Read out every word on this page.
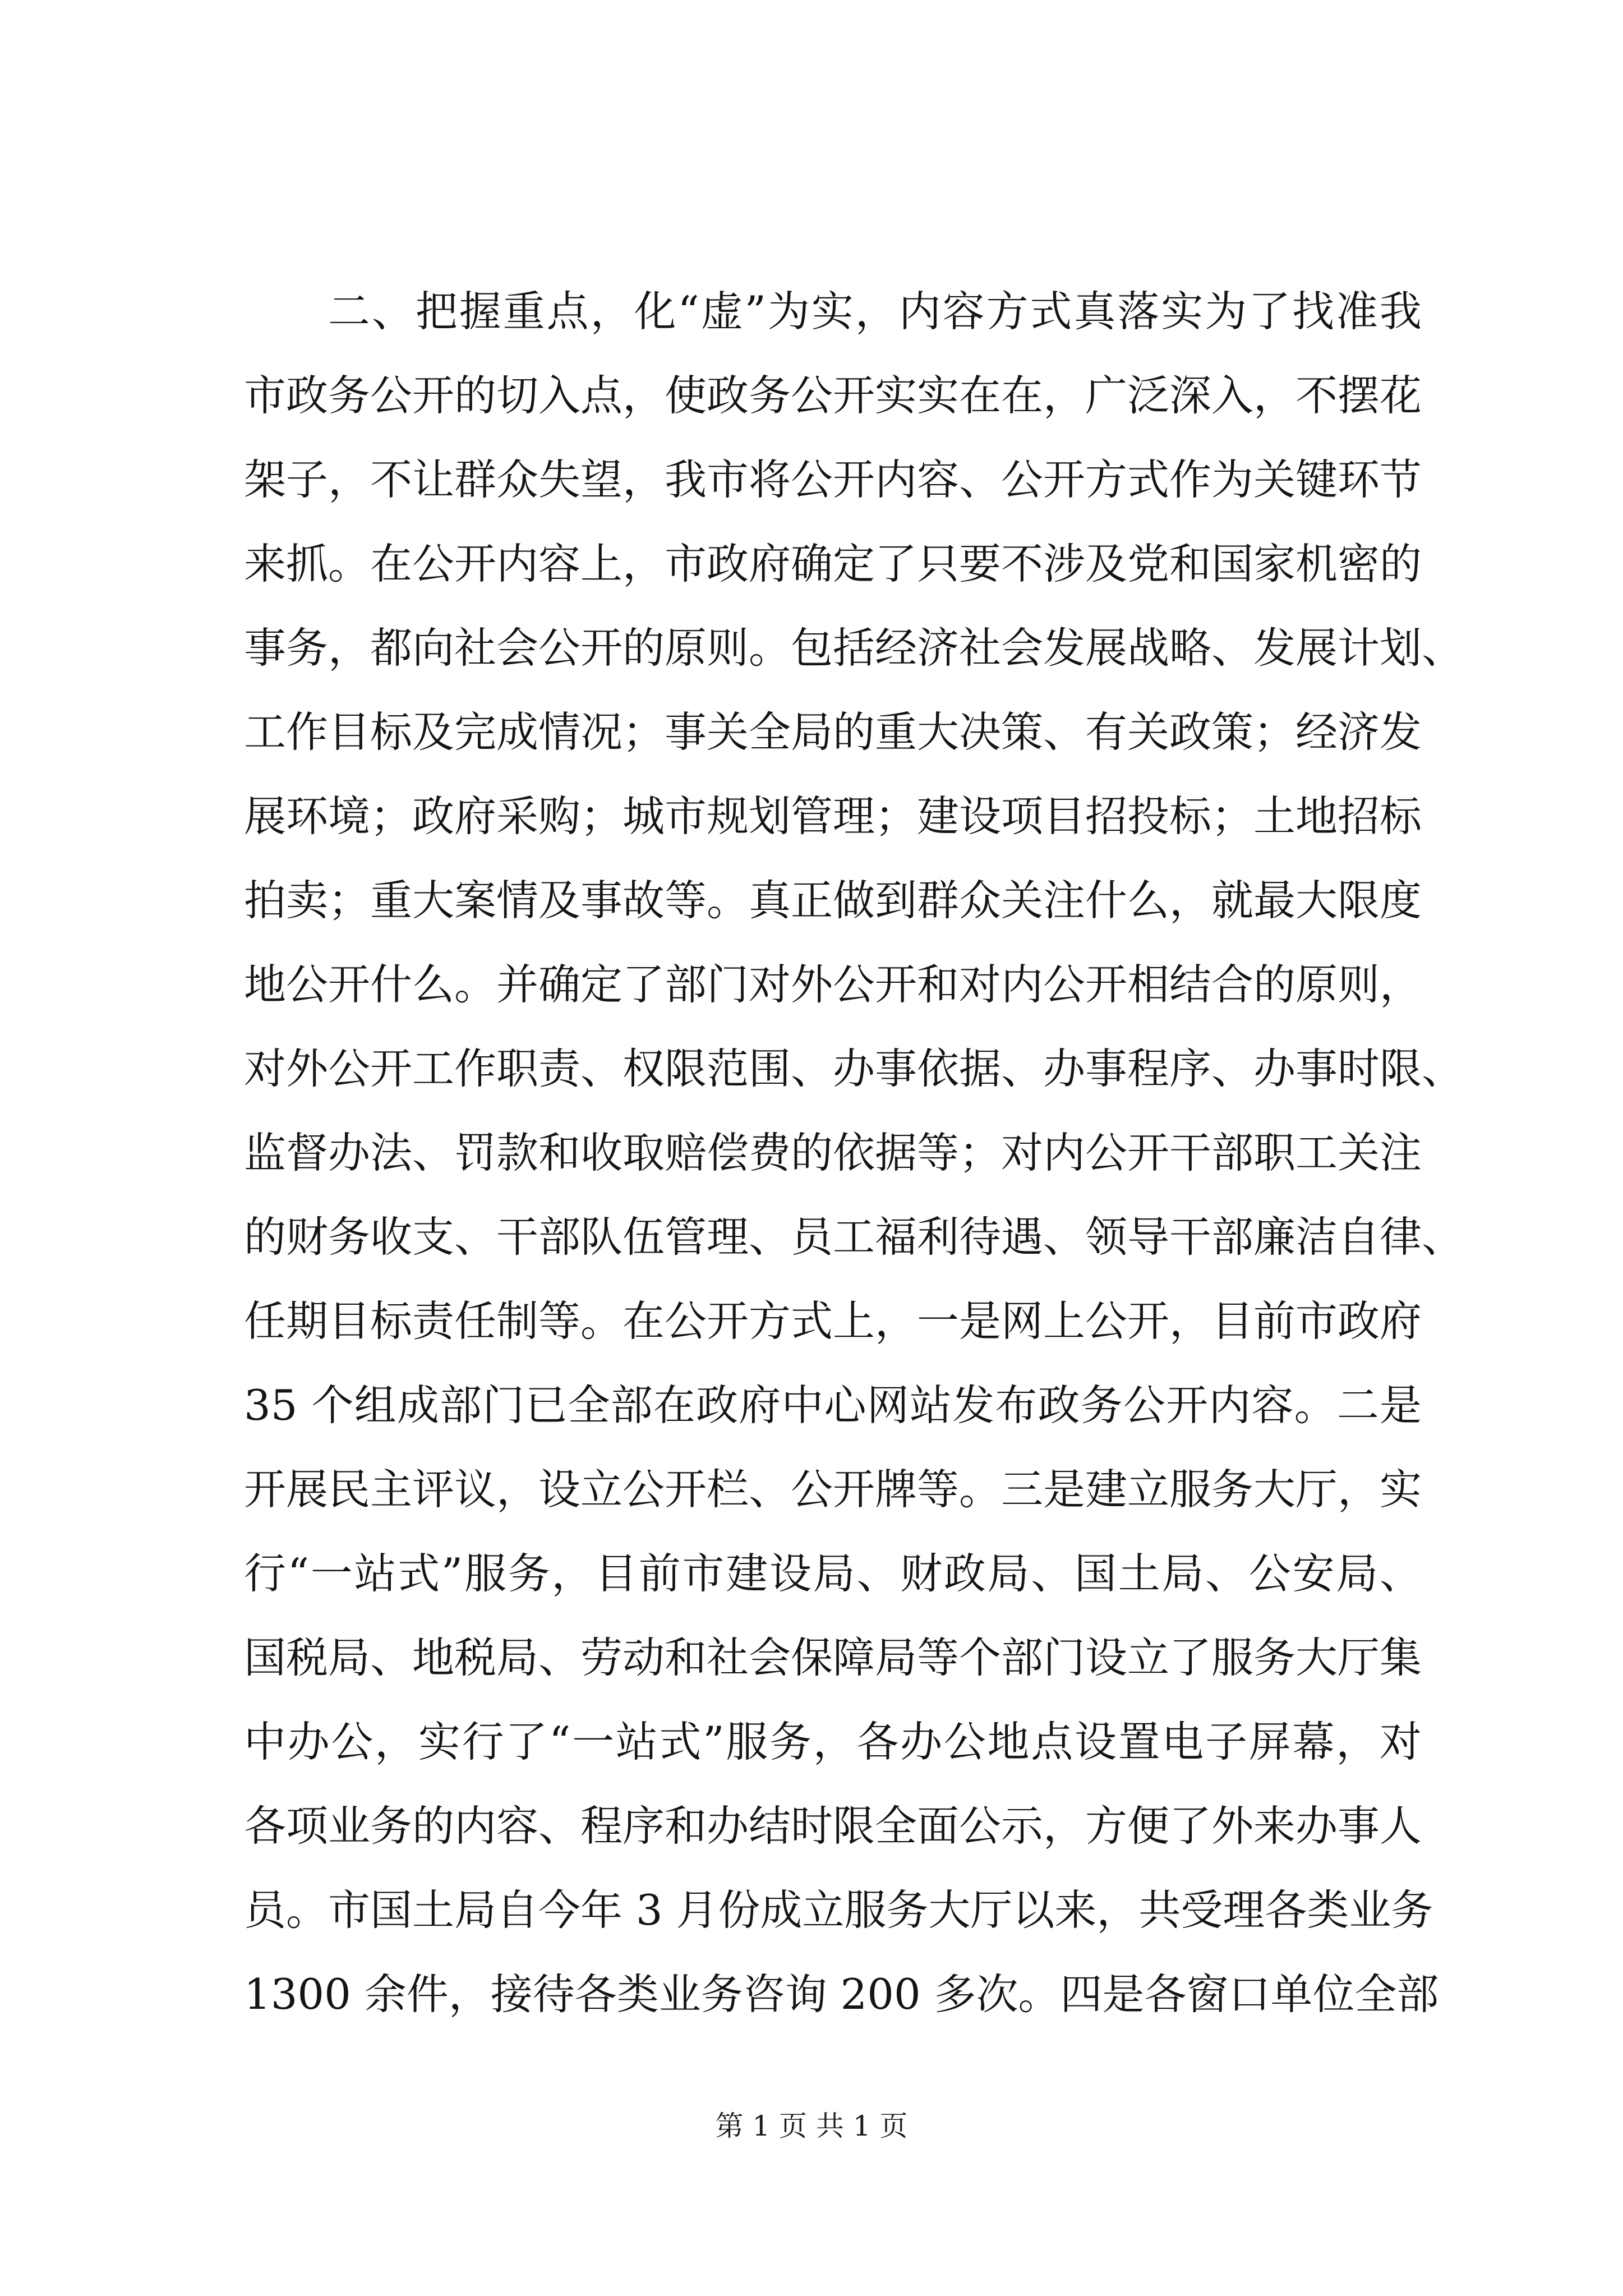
二、把握重点，化“虚”为实，内容方式真落实为了找准我
市政务公开的切入点，使政务公开实实在在，广泛深入，不摆花
架子，不让群众失望，我市将公开内容、公开方式作为关键环节
来抓。在公开内容上，市政府确定了只要不涉及党和国家机密的
事务，都向社会公开的原则。包括经济社会发展战略、发展计划、
工作目标及完成情况；事关全局的重大决策、有关政策；经济发
展环境；政府采购；城市规划管理；建设项目招投标；土地招标
拍卖；重大案情及事故等。真正做到群众关注什么，就最大限度
地公开什么。并确定了部门对外公开和对内公开相结合的原则，
对外公开工作职责、权限范围、办事依据、办事程序、办事时限、
监督办法、罚款和收取赔偿费的依据等；对内公开干部职工关注
的财务收支、干部队伍管理、员工福利待遇、领导干部廉洁自律、
任期目标责任制等。在公开方式上，一是网上公开，目前市政府
35 个组成部门已全部在政府中心网站发布政务公开内容。二是
开展民主评议，设立公开栏、公开牌等。三是建立服务大厅，实
行“一站式”服务，目前市建设局、财政局、国土局、公安局、
国税局、地税局、劳动和社会保障局等个部门设立了服务大厅集
中办公，实行了“一站式”服务，各办公地点设置电子屏幕，对
各项业务的内容、程序和办结时限全面公示，方便了外来办事人
员。市国土局自今年 3 月份成立服务大厅以来，共受理各类业务
1300 余件，接待各类业务咨询 200 多次。四是各窗口单位全部
第 1 页 共 1 页
